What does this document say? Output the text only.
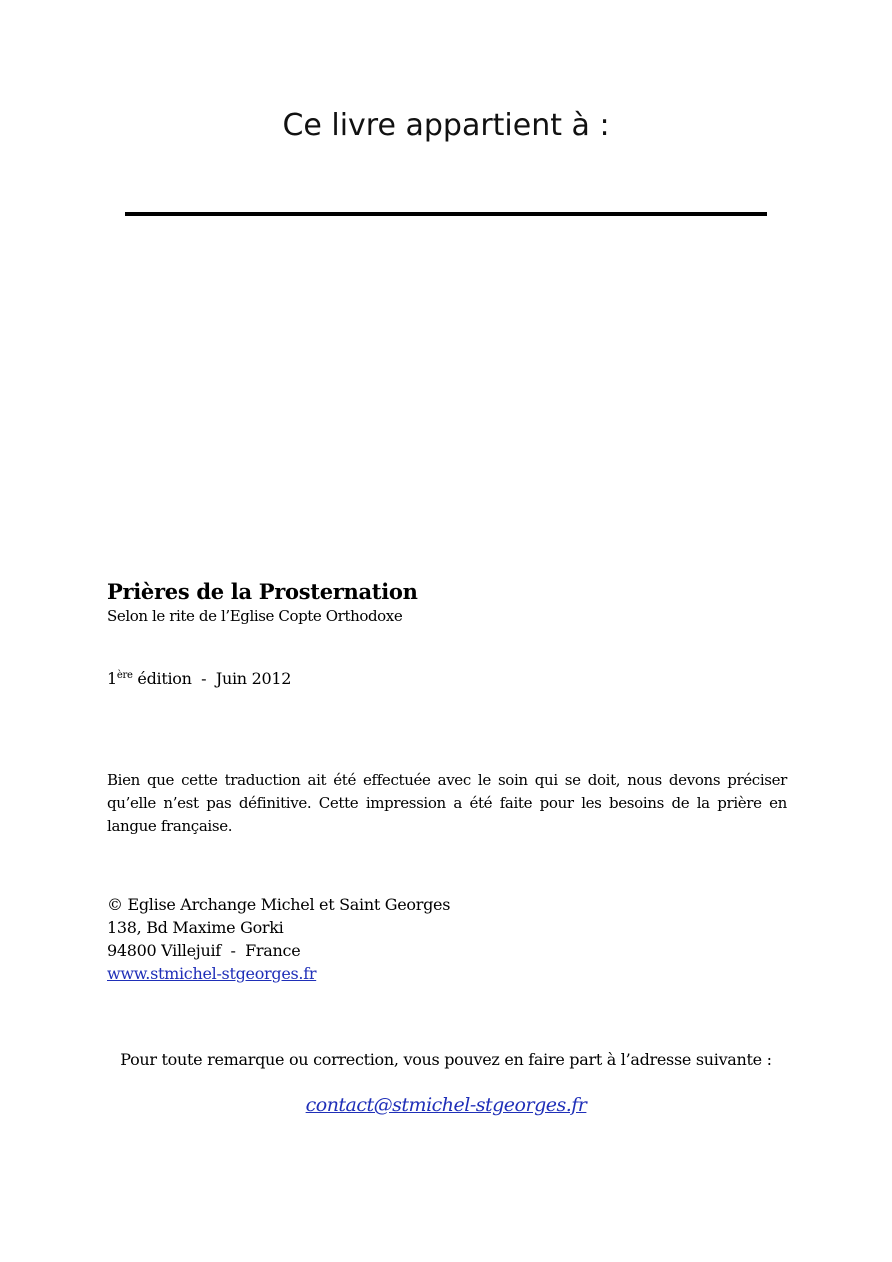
Ce livre appartient à :
Prières de la Prosternation
Selon le rite de l’Eglise Copte Orthodoxe
1ère édition  -  Juin 2012
Bien que cette traduction ait été effectuée avec le soin qui se doit, nous devons préciser qu’elle n’est pas définitive. Cette impression a été faite pour les besoins de la prière en langue française.
© Eglise Archange Michel et Saint Georges
138, Bd Maxime Gorki
94800 Villejuif  -  France
www.stmichel-stgeorges.fr
Pour toute remarque ou correction, vous pouvez en faire part à l’adresse suivante :
contact@stmichel-stgeorges.fr
